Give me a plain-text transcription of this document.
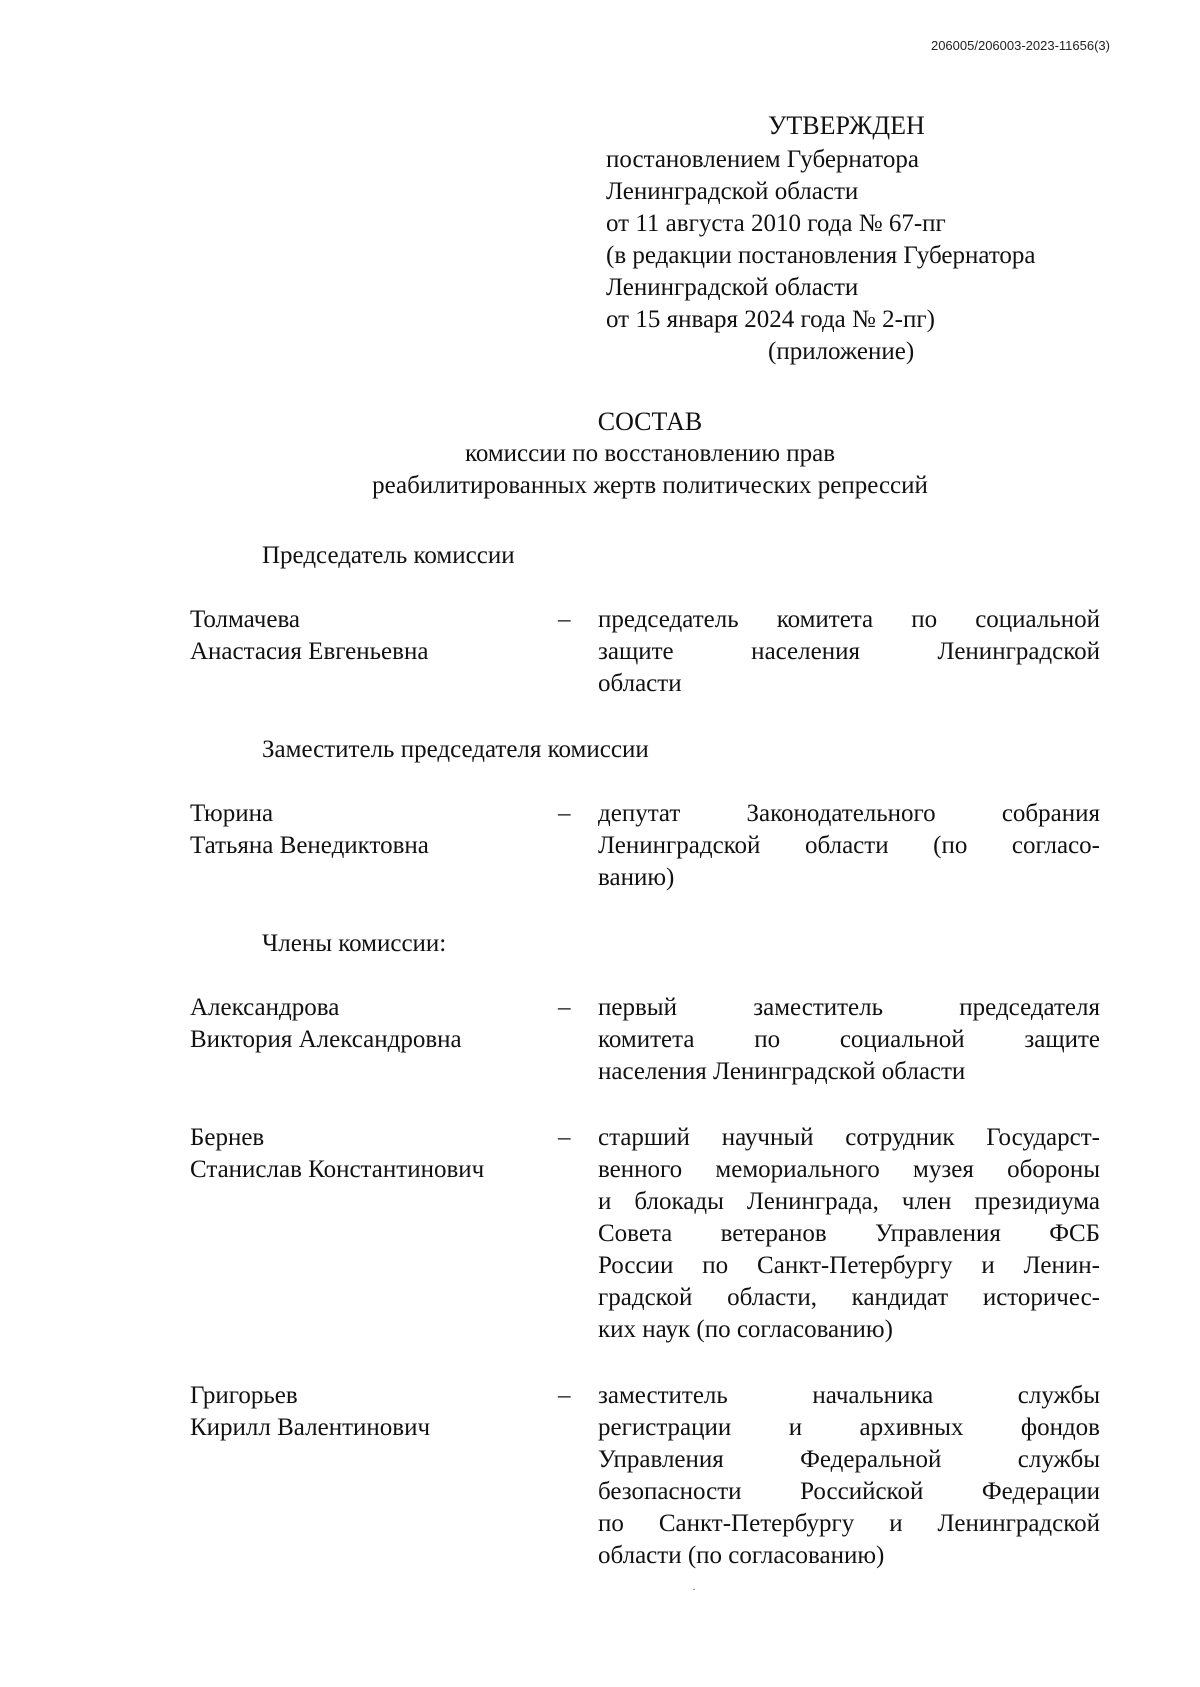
206005/206003-2023-11656(3)
УТВЕРЖДЕН
постановлением Губернатора
Ленинградской области
от 11 августа 2010 года № 67-пг
(в редакции постановления Губернатора
Ленинградской области
от 15 января 2024 года № 2-пг)
(приложение)
СОСТАВ
комиссии по восстановлению прав
реабилитированных жертв политических репрессий
Председатель комиссии
Толмачева
Анастасия Евгеньевна
– председатель комитета по социальной
защите населения Ленинградской
области
Заместитель председателя комиссии
Тюрина
Татьяна Венедиктовна
– депутат Законодательного собрания
Ленинградской области (по согласо-
ванию)
Члены комиссии:
Александрова
Виктория Александровна
– первый заместитель председателя
комитета по социальной защите
населения Ленинградской области
Бернев
Станислав Константинович
– старший научный сотрудник Государст-
венного мемориального музея обороны
и блокады Ленинграда, член президиума
Совета ветеранов Управления ФСБ
России по Санкт-Петербургу и Ленин-
градской области, кандидат историчес-
ких наук (по согласованию)
Григорьев
Кирилл Валентинович
– заместитель начальника службы
регистрации и архивных фондов
Управления Федеральной службы
безопасности Российской Федерации
по Санкт-Петербургу и Ленинградской
области (по согласованию)
·
